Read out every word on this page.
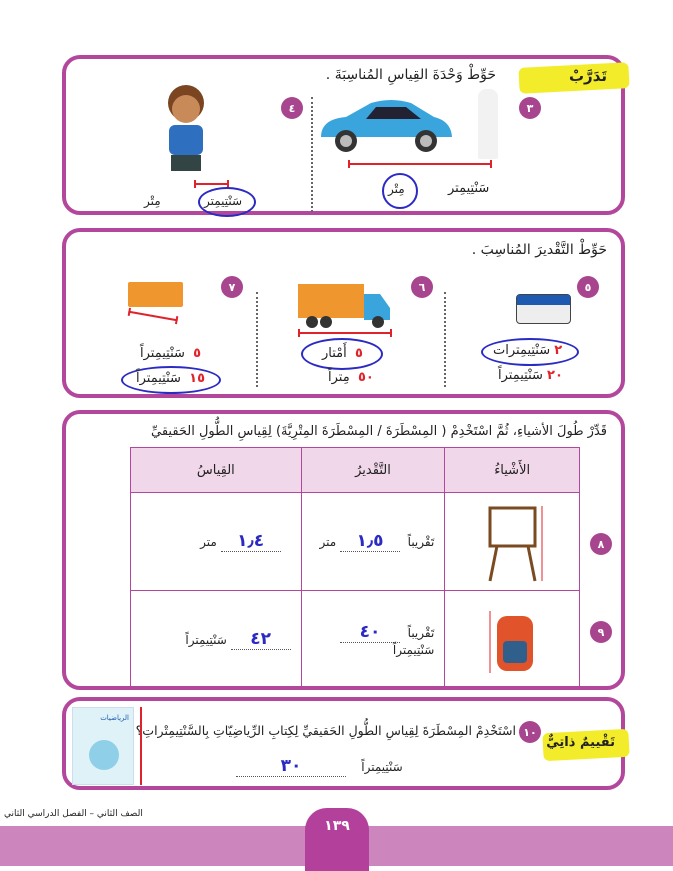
تَدَرَّبْ
حَوِّطْ وَحْدَةَ القِياسِ المُناسِبَةَ .
٣
سَنْتِيمِتر
مِتْر
٤
سَنْتِيمِتر
مِتْر
حَوِّطْ التَّقْديرَ المُناسِبَ .
٥
٢ سَنْتِيمِترات
٢٠ سَنْتِيمِتراً
٦
٥  أَمْتار
٥٠  مِتراً
٧
٥  سَنْتِيمِتراً
١٥  سَنْتِيمِتراً
قَدِّرْ طُولَ الأشياءِ، ثُمَّ اسْتَخْدِمْ ( المِسْطَرَةَ / المِسْطَرَةَ المِتْرِيَّةَ) لِقِياسِ الطُّولِ الحَقيقيِّ
الأَشْياءُ	التَّقْديرُ	القِياسُ

	تَقْريباً  ١٫٥ متر	١٫٤ متر

	تَقْريباً  ٤٠ سَنْتِيمِتراً	٤٢ سَنْتِيمِتراً
٨
٩
تَقْييمٌ ذاتِيٌّ
١٠
اسْتَخْدِمْ المِسْطَرَةَ لِقِياسِ الطُّولِ الحَقيقيِّ لِكِتابِ الرِّياضِيّاتِ بِالسَّنْتِيمِتْراتِ؟
سَنْتِيمِتراً    ٣٠
الرياضيات
الصف الثاني – الفصل الدراسي الثاني
١٣٩
